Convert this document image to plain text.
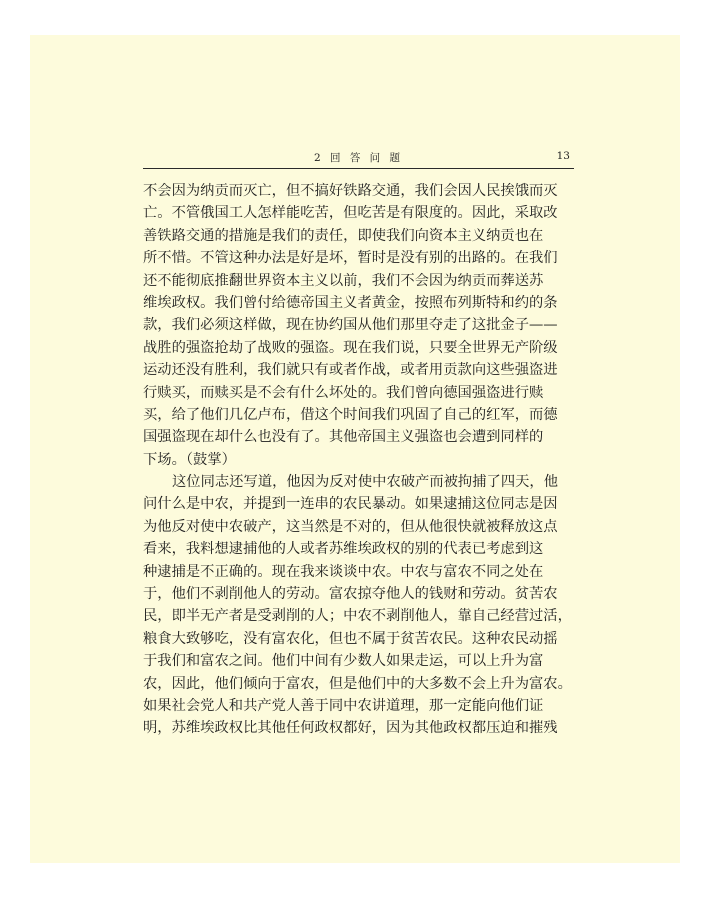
2 回 答 问 题	13
不会因为纳贡而灭亡，但不搞好铁路交通，我们会因人民挨饿而灭
亡。不管俄国工人怎样能吃苦，但吃苦是有限度的。因此，采取改
善铁路交通的措施是我们的责任，即使我们向资本主义纳贡也在
所不惜。不管这种办法是好是坏，暂时是没有别的出路的。在我们
还不能彻底推翻世界资本主义以前，我们不会因为纳贡而葬送苏
维埃政权。我们曾付给德帝国主义者黄金，按照布列斯特和约的条
款，我们必须这样做，现在协约国从他们那里夺走了这批金子——
战胜的强盗抢劫了战败的强盗。现在我们说，只要全世界无产阶级
运动还没有胜利，我们就只有或者作战，或者用贡款向这些强盗进
行赎买，而赎买是不会有什么坏处的。我们曾向德国强盗进行赎
买，给了他们几亿卢布，借这个时间我们巩固了自己的红军，而德
国强盗现在却什么也没有了。其他帝国主义强盗也会遭到同样的
下场。（鼓掌）
这位同志还写道，他因为反对使中农破产而被拘捕了四天，他
问什么是中农，并提到一连串的农民暴动。如果逮捕这位同志是因
为他反对使中农破产，这当然是不对的，但从他很快就被释放这点
看来，我料想逮捕他的人或者苏维埃政权的别的代表已考虑到这
种逮捕是不正确的。现在我来谈谈中农。中农与富农不同之处在
于，他们不剥削他人的劳动。富农掠夺他人的钱财和劳动。贫苦农
民，即半无产者是受剥削的人；中农不剥削他人，靠自己经营过活，
粮食大致够吃，没有富农化，但也不属于贫苦农民。这种农民动摇
于我们和富农之间。他们中间有少数人如果走运，可以上升为富
农，因此，他们倾向于富农，但是他们中的大多数不会上升为富农。
如果社会党人和共产党人善于同中农讲道理，那一定能向他们证
明，苏维埃政权比其他任何政权都好，因为其他政权都压迫和摧残
